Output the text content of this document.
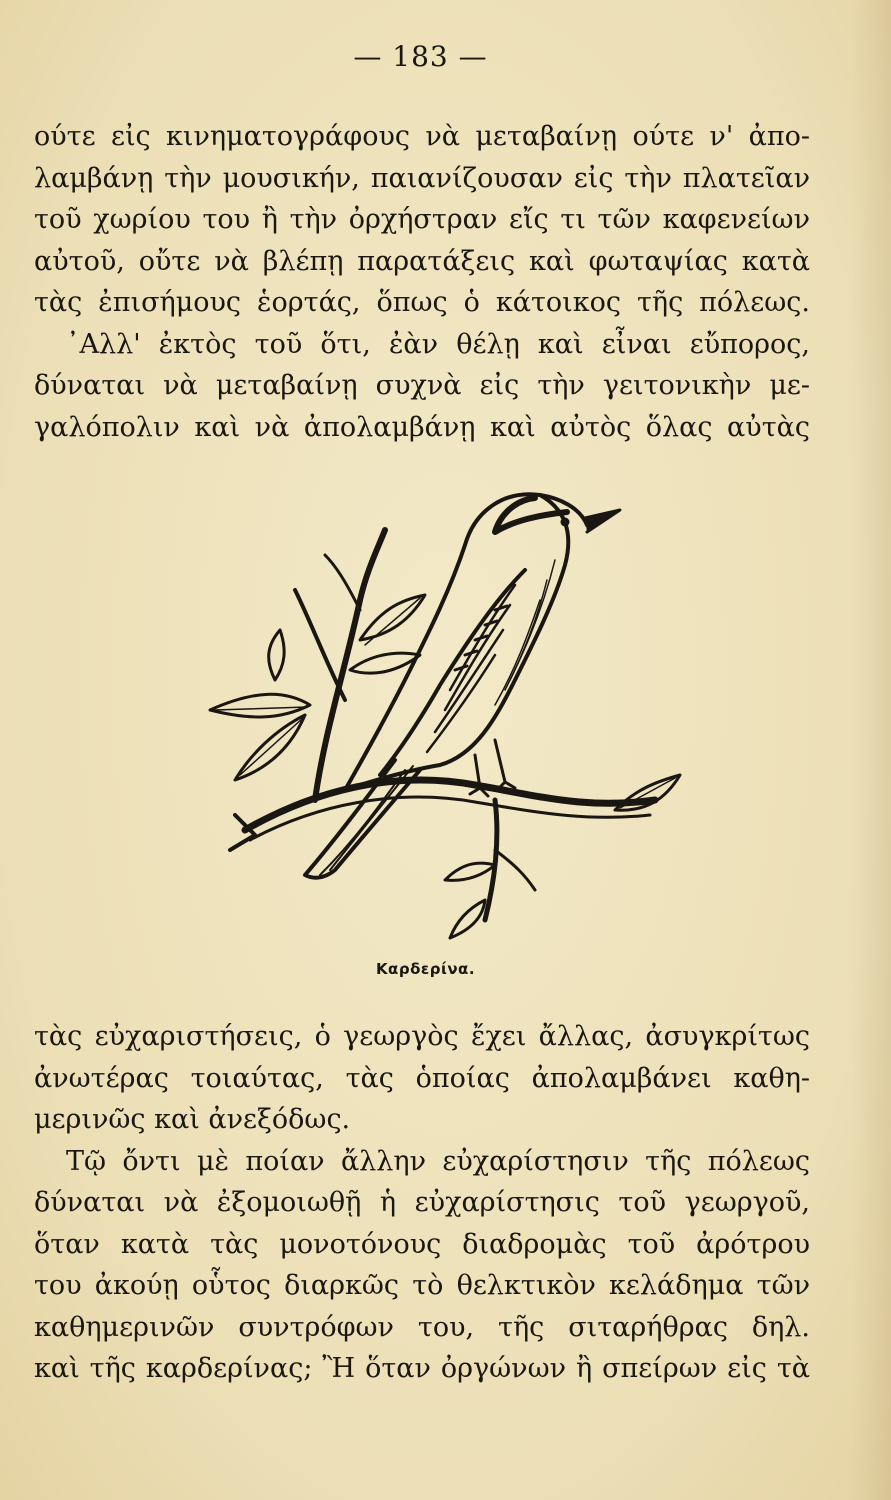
— 183 —
ούτε εἰς κινηματογράφους νὰ μεταβαίνῃ ούτε ν' ἀπο-
λαμβάνῃ τὴν μουσικήν, παιανίζουσαν εἰς τὴν πλατεῖαν
τοῦ χωρίου του ἢ τὴν ὀρχήστραν εἴς τι τῶν καφενείων
αὐτοῦ, οὔτε νὰ βλέπῃ παρατάξεις καὶ φωταψίας κατὰ
τὰς ἐπισήμους ἑορτάς, ὅπως ὁ κάτοικος τῆς πόλεως.
᾽Αλλ' ἐκτὸς τοῦ ὅτι, ἐὰν θέλῃ καὶ εἶναι εὔπορος,
δύναται νὰ μεταβαίνῃ συχνὰ εἰς τὴν γειτονικὴν με-
γαλόπολιν καὶ νὰ ἀπολαμβάνῃ καὶ αὐτὸς ὅλας αὐτὰς
Καρδερίνα.
τὰς εὐχαριστήσεις, ὁ γεωργὸς ἔχει ἄλλας, ἀσυγκρίτως
ἀνωτέρας τοιαύτας, τὰς ὁποίας ἀπολαμβάνει καθη-
μερινῶς καὶ ἀνεξόδως.
Τῷ ὄντι μὲ ποίαν ἄλλην εὐχαρίστησιν τῆς πόλεως
δύναται νὰ ἐξομοιωθῇ ἡ εὐχαρίστησις τοῦ γεωργοῦ,
ὅταν κατὰ τὰς μονοτόνους διαδρομὰς τοῦ ἀρότρου
του ἀκούῃ οὗτος διαρκῶς τὸ θελκτικὸν κελάδημα τῶν
καθημερινῶν συντρόφων του, τῆς σιταρήθρας δηλ.
καὶ τῆς καρδερίνας; Ἢ ὅταν ὀργώνων ἢ σπείρων εἰς τὰ
